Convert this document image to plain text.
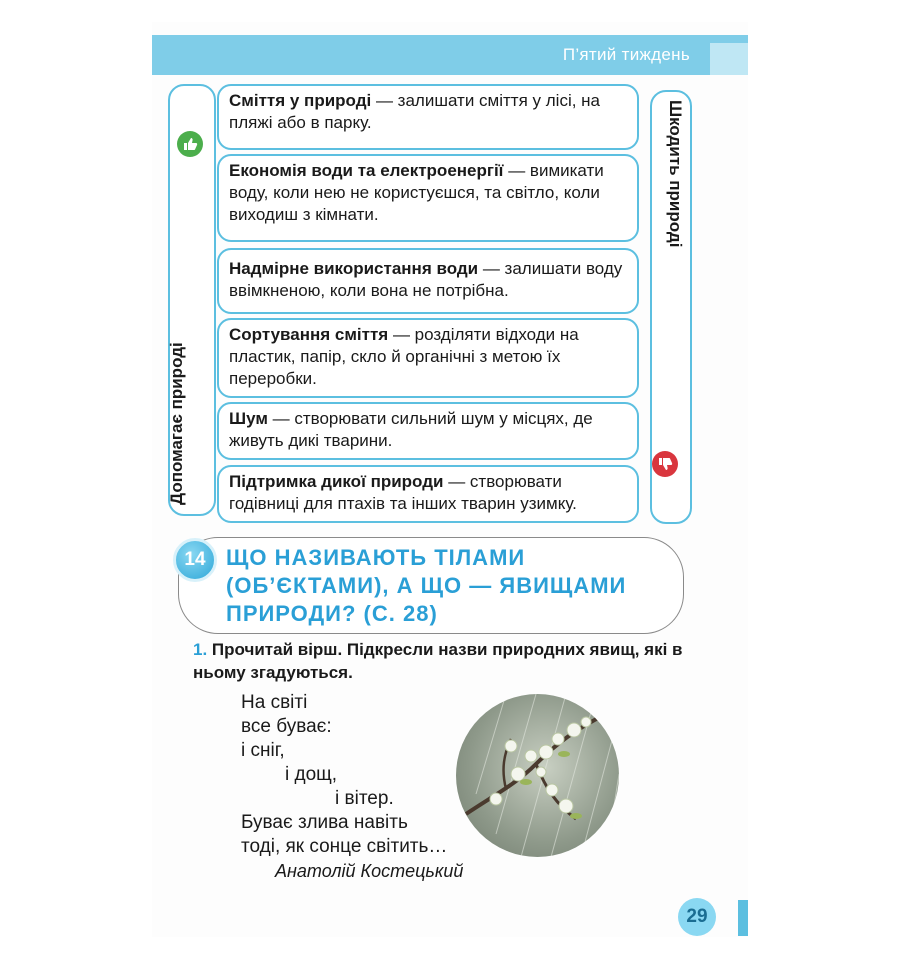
П’ятий тиждень
Допомагає природі
Шкодить природі
Сміття у природі — залишати сміття у лісі, на пляжі або в парку.
Економія води та електроенергії — вимикати воду, коли нею не користуєшся, та світло, коли виходиш з кімнати.
Надмірне використання води — залишати воду ввімкненою, коли вона не потрібна.
Сортування сміття — розділяти відходи на пластик, папір, скло й органічні з метою їх переробки.
Шум — створювати сильний шум у місцях, де живуть дикі тварини.
Підтримка дикої природи — створювати годівниці для птахів та інших тварин узимку.
14 ЩО НАЗИВАЮТЬ ТІЛАМИ (ОБ’ЄКТАМИ), А ЩО — ЯВИЩАМИ ПРИРОДИ? (С. 28)
1. Прочитай вірш. Підкресли назви природних явищ, які в ньому згадуються.
На світі
все буває:
і сніг,
і дощ,
і вітер.
Буває злива навіть
тоді, як сонце світить…
Анатолій Костецький
29
